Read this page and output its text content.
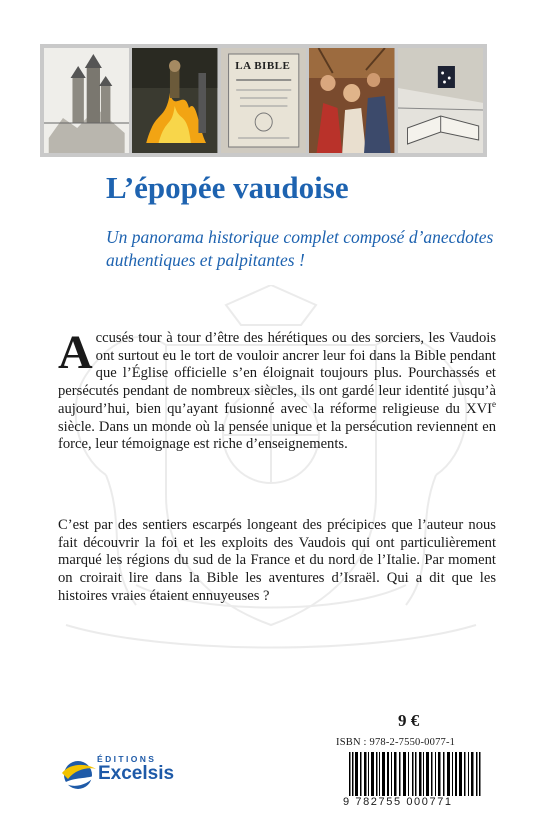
LA BIBLE
L’épopée vaudoise
Un panorama historique complet composé d’anecdotes authentiques et palpitantes !
Accusés tour à tour d’être des hérétiques ou des sorciers, les Vaudois ont surtout eu le tort de vouloir ancrer leur foi dans la Bible pendant que l’Église officielle s’en éloignait toujours plus. Pourchassés et persécutés pendant de nombreux siècles, ils ont gardé leur identité jusqu’à aujourd’hui, bien qu’ayant fusionné avec la réforme religieuse du XVIe siècle. Dans un monde où la pensée unique et la persécution reviennent en force, leur témoignage est riche d’enseignements.
C’est par des sentiers escarpés longeant des précipices que l’auteur nous fait découvrir la foi et les exploits des Vaudois qui ont particulièrement marqué les régions du sud de la France et du nord de l’Italie. Par moment on croirait lire dans la Bible les aventures d’Israël. Qui a dit que les histoires vraies étaient ennuyeuses ?
9 €
ISBN : 978-2-7550-0077-1
9 782755 000771
ÉDITIONS
Excelsis
